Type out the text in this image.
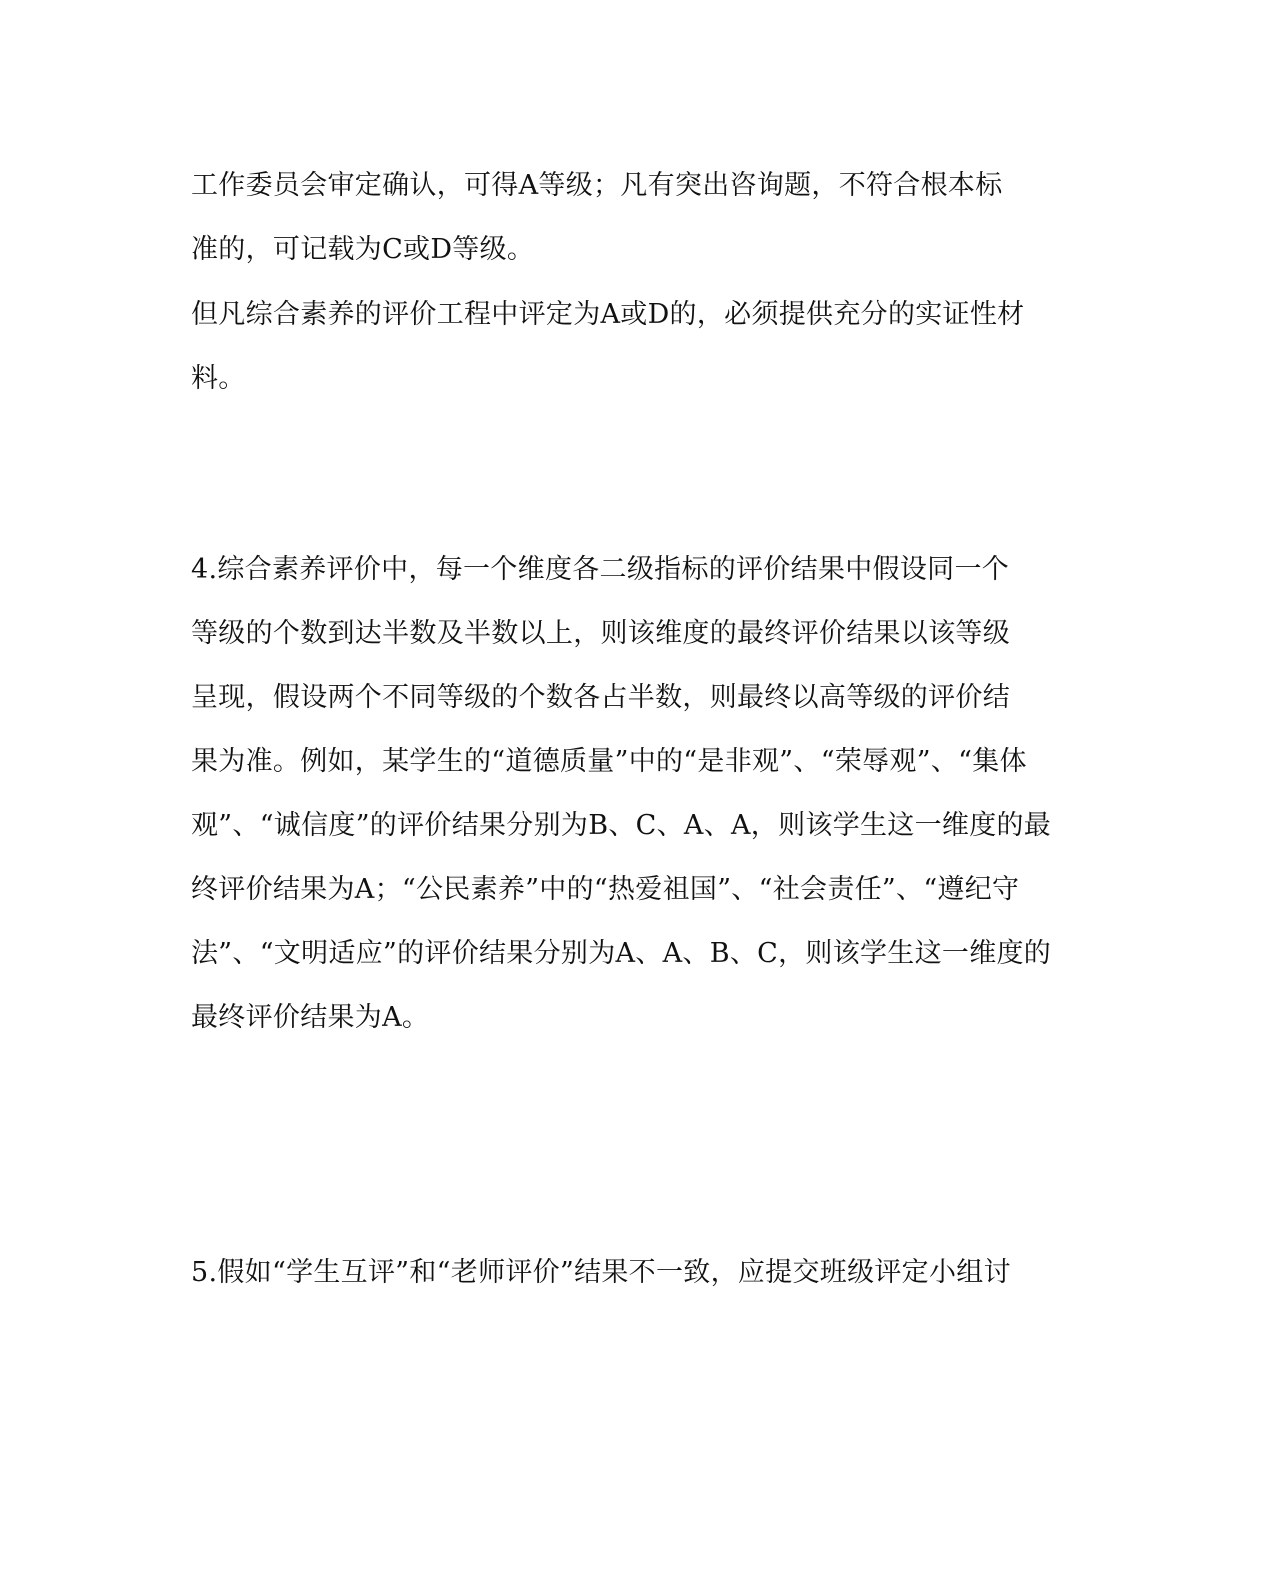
工作委员会审定确认，可得A等级；凡有突出咨询题，不符合根本标
准的，可记载为C或D等级。
但凡综合素养的评价工程中评定为A或D的，必须提供充分的实证性材
料。
4.综合素养评价中，每一个维度各二级指标的评价结果中假设同一个
等级的个数到达半数及半数以上，则该维度的最终评价结果以该等级
呈现，假设两个不同等级的个数各占半数，则最终以高等级的评价结
果为准。例如，某学生的“道德质量”中的“是非观”、“荣辱观”、“集体
观”、“诚信度”的评价结果分别为B、C、A、A，则该学生这一维度的最
终评价结果为A；“公民素养”中的“热爱祖国”、“社会责任”、“遵纪守
法”、“文明适应”的评价结果分别为A、A、B、C，则该学生这一维度的
最终评价结果为A。
5.假如“学生互评”和“老师评价”结果不一致，应提交班级评定小组讨
